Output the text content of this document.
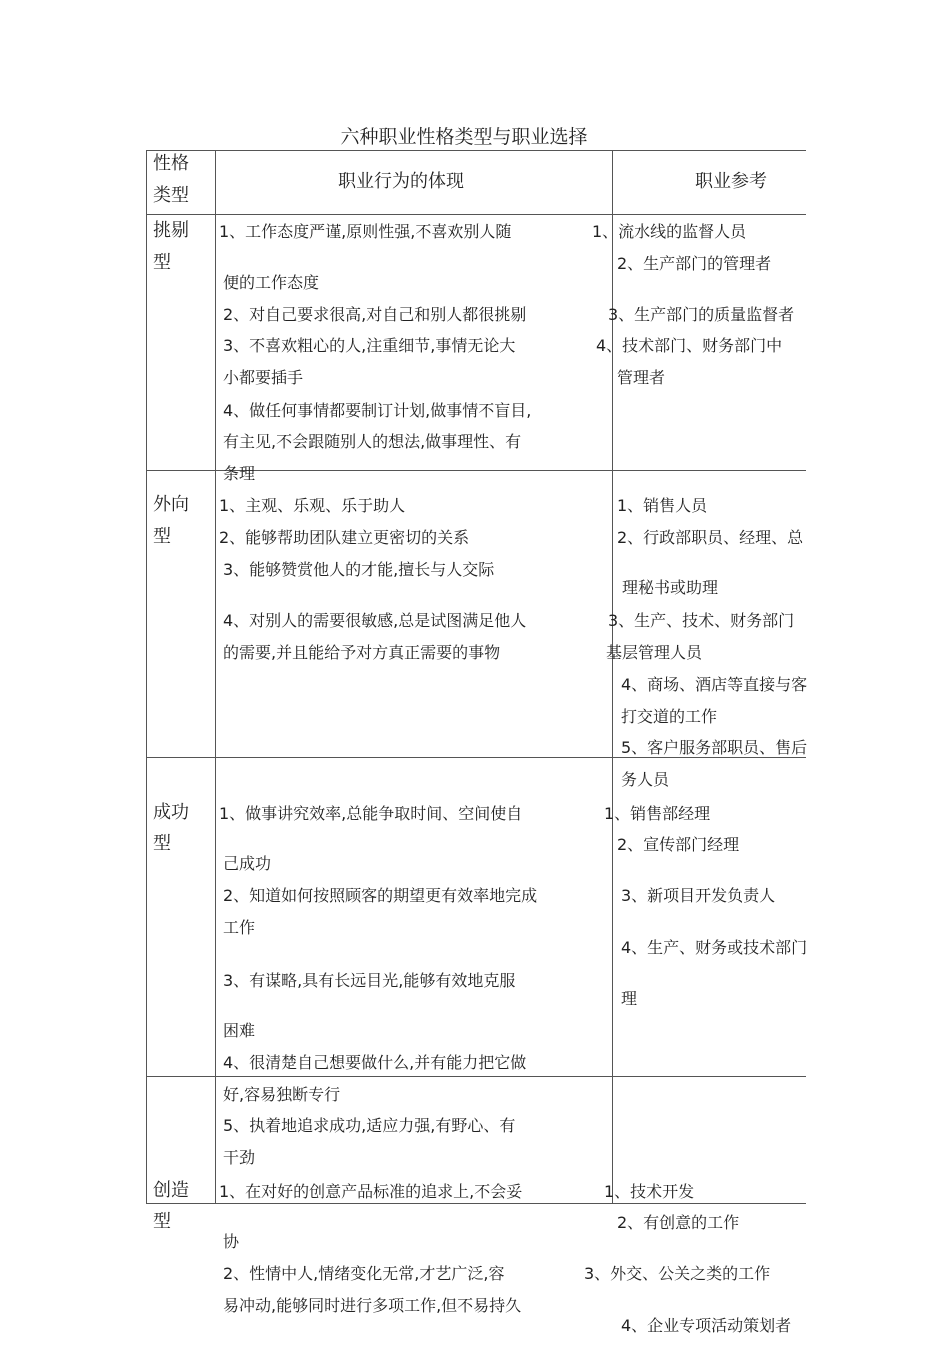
六种职业性格类型与职业选择
性格
类型
职业行为的体现	职业参考
挑剔
型
1、工作态度严谨,原则性强,不喜欢别人随
便的工作态度
2、对自己要求很高,对自己和别人都很挑剔
3、不喜欢粗心的人,注重细节,事情无论大
小都要插手
4、做任何事情都要制订计划,做事情不盲目,
有主见,不会跟随别人的想法,做事理性、有
条理
1、流水线的监督人员
2、生产部门的管理者
3、生产部门的质量监督者
4、技术部门、财务部门中
管理者
外向
型
1、主观、乐观、乐于助人
2、能够帮助团队建立更密切的关系
3、能够赞赏他人的才能,擅长与人交际
4、对别人的需要很敏感,总是试图满足他人
的需要,并且能给予对方真正需要的事物
1、销售人员
2、行政部职员、经理、总
理秘书或助理
3、生产、技术、财务部门
基层管理人员
4、商场、酒店等直接与客
打交道的工作
5、客户服务部职员、售后
务人员
成功
型
1、做事讲究效率,总能争取时间、空间使自
己成功
2、知道如何按照顾客的期望更有效率地完成
工作
3、有谋略,具有长远目光,能够有效地克服
困难
4、很清楚自己想要做什么,并有能力把它做
好,容易独断专行
5、执着地追求成功,适应力强,有野心、有
干劲
1、销售部经理
2、宣传部门经理
3、新项目开发负责人
4、生产、财务或技术部门
理
创造
型
1、在对好的创意产品标准的追求上,不会妥
协
2、性情中人,情绪变化无常,才艺广泛,容
易冲动,能够同时进行多项工作,但不易持久
1、技术开发
2、有创意的工作
3、外交、公关之类的工作
4、企业专项活动策划者
